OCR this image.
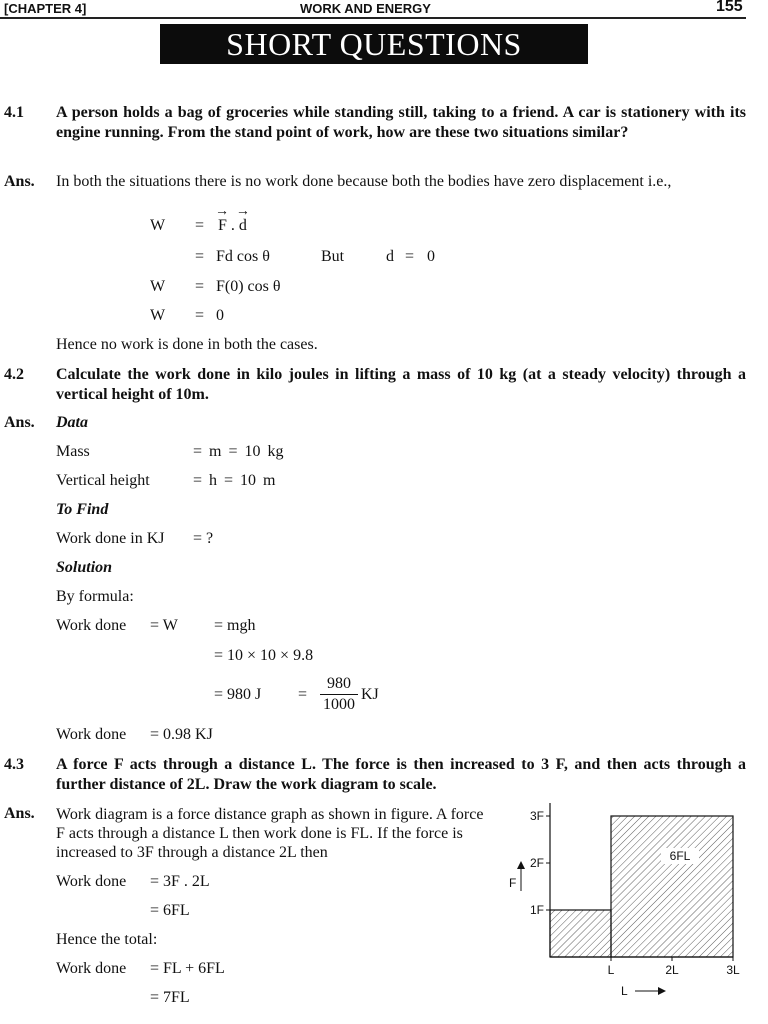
[CHAPTER 4]	WORK AND ENERGY	155
SHORT QUESTIONS
4.1 A person holds a bag of groceries while standing still, taking to a friend. A car is stationery with its engine running. From the stand point of work, how are these two situations similar?
Ans. In both the situations there is no work done because both the bodies have zero displacement i.e.,
W =
→
F .
→
d
= Fd cos θ	But	d = 0
W = F(0) cos θ
W = 0
Hence no work is done in both the cases.
4.2 Calculate the work done in kilo joules in lifting a mass of 10 kg (at a steady velocity) through a vertical height of 10m.
Ans. Data
Mass	= m = 10 kg
Vertical height	= h = 10 m
To Find
Work done in KJ = ?
Solution
By formula:
Work done = W = mgh
= 10 × 10 × 9.8
= 980 J =
980
1000
KJ
Work done = 0.98 KJ
4.3 A force F acts through a distance L. The force is then increased to 3 F, and then acts through a further distance of 2L. Draw the work diagram to scale.
Ans. Work diagram is a force distance graph as shown in figure. A force F acts through a distance L then work done is FL. If the force is increased to 3F through a distance 2L then
Work done = 3F . 2L
= 6FL
Hence the total:
Work done = FL + 6FL
= 7FL
1F
2F
3F
L	2L	3L
F
L
6FL
